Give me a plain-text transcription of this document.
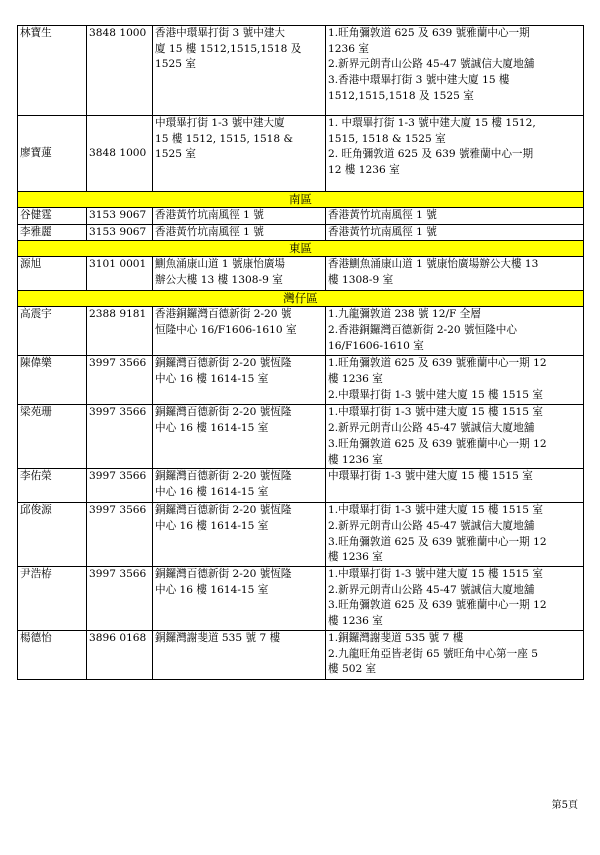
林寶生	3848 1000	香港中環畢打街 3 號中建大
廈 15 樓 1512,1515,1518 及
1525 室	1.旺角彌敦道 625 及 639 號雅蘭中心一期
1236 室
2.新界元朗青山公路 45-47 號誠信大廈地舖
3.香港中環畢打街 3 號中建大廈 15 樓
1512,1515,1518 及 1525 室

廖寶蓮	3848 1000	中環畢打街 1-3 號中建大廈
15 樓 1512, 1515, 1518 &
1525 室	1. 中環畢打街 1-3 號中建大廈 15 樓 1512,
1515, 1518 & 1525 室
2. 旺角彌敦道 625 及 639 號雅蘭中心一期
12 樓 1236 室

南區			
谷健霆	3153 9067	香港黃竹坑南風徑 1 號	香港黃竹坑南風徑 1 號

李雅麗	3153 9067	香港黃竹坑南風徑 1 號	香港黃竹坑南風徑 1 號

東區			
源旭	3101 0001	鰂魚涌康山道 1 號康怡廣場
辦公大樓 13 樓 1308-9 室	香港鰂魚涌康山道 1 號康怡廣場辦公大樓 13
樓 1308-9 室

灣仔區			
高震宇	2388 9181	香港銅鑼灣百德新街 2-20 號
恒隆中心 16/F1606-1610 室	1.九龍彌敦道 238 號 12/F 全層
2.香港銅鑼灣百德新街 2-20 號恒隆中心
16/F1606-1610 室

陳偉樂	3997 3566	銅鑼灣百德新街 2-20 號恆隆
中心 16 樓 1614-15 室	1.旺角彌敦道 625 及 639 號雅蘭中心一期 12
樓 1236 室
2.中環畢打街 1-3 號中建大廈 15 樓 1515 室

梁苑珊	3997 3566	銅鑼灣百德新街 2-20 號恆隆
中心 16 樓 1614-15 室	1.中環畢打街 1-3 號中建大廈 15 樓 1515 室
2.新界元朗青山公路 45-47 號誠信大廈地舖
3.旺角彌敦道 625 及 639 號雅蘭中心一期 12
樓 1236 室

李佑榮	3997 3566	銅鑼灣百德新街 2-20 號恆隆
中心 16 樓 1614-15 室	中環畢打街 1-3 號中建大廈 15 樓 1515 室

邱俊源	3997 3566	銅鑼灣百德新街 2-20 號恆隆
中心 16 樓 1614-15 室	1.中環畢打街 1-3 號中建大廈 15 樓 1515 室
2.新界元朗青山公路 45-47 號誠信大廈地舖
3.旺角彌敦道 625 及 639 號雅蘭中心一期 12
樓 1236 室

尹浩栫	3997 3566	銅鑼灣百德新街 2-20 號恆隆
中心 16 樓 1614-15 室	1.中環畢打街 1-3 號中建大廈 15 樓 1515 室
2.新界元朗青山公路 45-47 號誠信大廈地舖
3.旺角彌敦道 625 及 639 號雅蘭中心一期 12
樓 1236 室

楊德怡	3896 0168	銅鑼灣謝斐道 535 號 7 樓	1.銅鑼灣謝斐道 535 號 7 樓
2.九龍旺角亞皆老街 65 號旺角中心第一座 5
樓 502 室
第5頁
